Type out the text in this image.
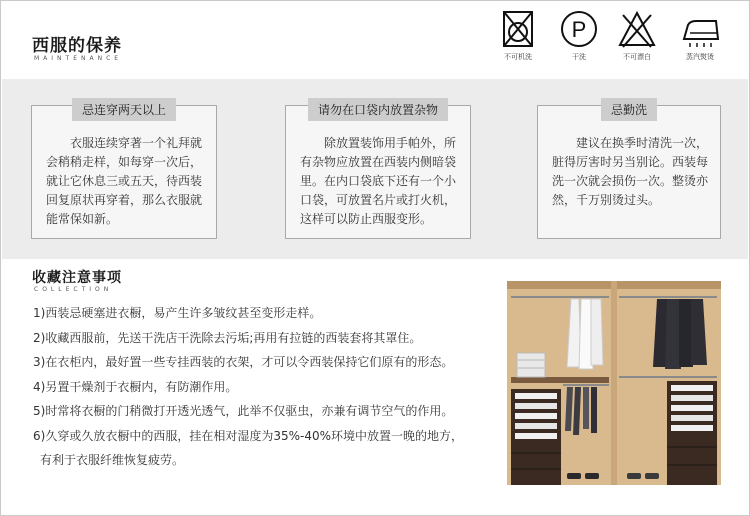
西服的保养
MAINTENANCE	不可机洗
P
干洗	不可漂白	蒸汽熨烫
忌连穿两天以上
衣服连续穿著一个礼拜就会稍稍走样，如每穿一次后，就让它休息三或五天，待西装回复原状再穿着，那么衣服就能常保如新。
请勿在口袋内放置杂物
除放置装饰用手帕外，所有杂物应放置在西装内侧暗袋里。在内口袋底下还有一个小口袋，可放置名片或打火机，这样可以防止西服变形。
忌勤洗
建议在换季时清洗一次，脏得厉害时另当别论。西装每洗一次就会损伤一次。整烫亦然，千万别烫过头。
收藏注意事项
COLLECTION
1)西装忌硬塞进衣橱，易产生许多皱纹甚至变形走样。
2)收藏西服前，先送干洗店干洗除去污垢;再用有拉链的西装套将其罩住。
3)在衣柜内，最好置一些专挂西装的衣架，才可以令西装保持它们原有的形态。
4)另置干燥剂于衣橱内，有防潮作用。
5)时常将衣橱的门稍微打开透光透气，此举不仅驱虫，亦兼有调节空气的作用。
6)久穿或久放衣橱中的西服，挂在相对湿度为35%-40%环境中放置一晚的地方，
有利于衣服纤维恢复疲劳。
